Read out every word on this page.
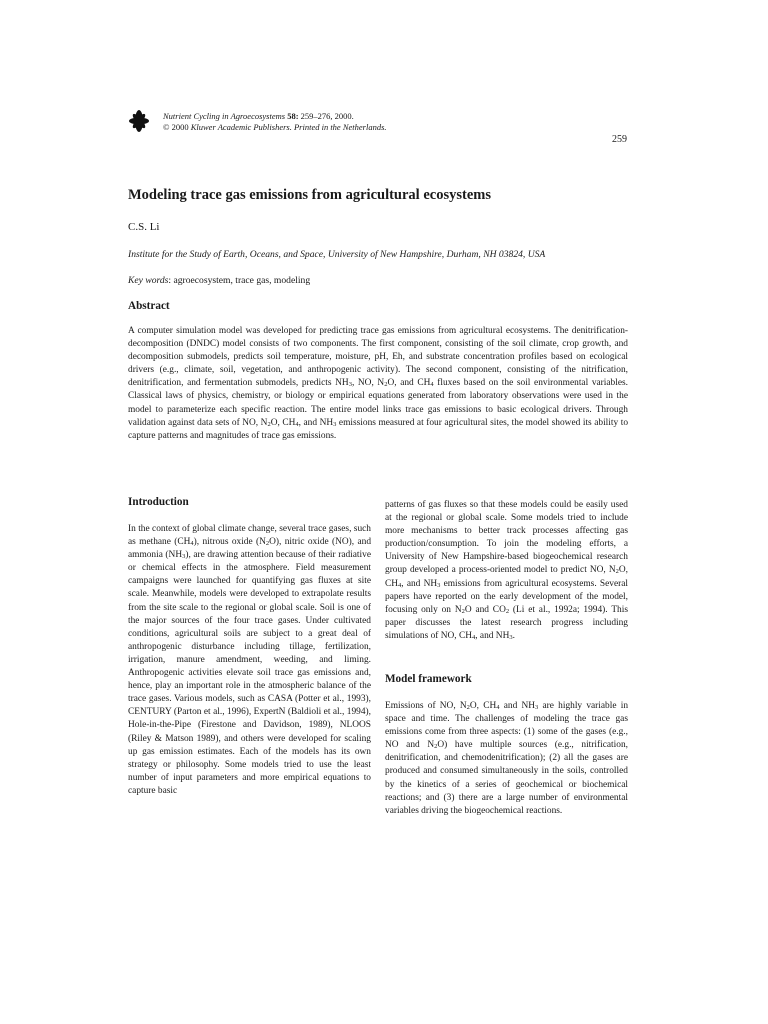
Nutrient Cycling in Agroecosystems 58: 259–276, 2000.
© 2000 Kluwer Academic Publishers. Printed in the Netherlands.
259
Modeling trace gas emissions from agricultural ecosystems
C.S. Li
Institute for the Study of Earth, Oceans, and Space, University of New Hampshire, Durham, NH 03824, USA
Key words: agroecosystem, trace gas, modeling
Abstract
A computer simulation model was developed for predicting trace gas emissions from agricultural ecosystems. The denitrification-decomposition (DNDC) model consists of two components. The first component, consisting of the soil climate, crop growth, and decomposition submodels, predicts soil temperature, moisture, pH, Eh, and substrate concentration profiles based on ecological drivers (e.g., climate, soil, vegetation, and anthropogenic activity). The second component, consisting of the nitrification, denitrification, and fermentation submodels, predicts $NH_3$, NO, $N_2O$, and $CH_4$ fluxes based on the soil environmental variables. Classical laws of physics, chemistry, or biology or empirical equations generated from laboratory observations were used in the model to parameterize each specific reaction. The entire model links trace gas emissions to basic ecological drivers. Through validation against data sets of NO, $N_2O$, $CH_4$, and $NH_3$ emissions measured at four agricultural sites, the model showed its ability to capture patterns and magnitudes of trace gas emissions.
Introduction
In the context of global climate change, several trace gases, such as methane $(CH_4)$, nitrous oxide $(N_2O)$, nitric oxide (NO), and ammonia $(NH_3)$, are drawing attention because of their radiative or chemical effects in the atmosphere. Field measurement campaigns were launched for quantifying gas fluxes at site scale. Meanwhile, models were developed to extrapolate results from the site scale to the regional or global scale. Soil is one of the major sources of the four trace gases. Under cultivated conditions, agricultural soils are subject to a great deal of anthropogenic disturbance including tillage, fertilization, irrigation, manure amendment, weeding, and liming. Anthropogenic activities elevate soil trace gas emissions and, hence, play an important role in the atmospheric balance of the trace gases. Various models, such as CASA (Potter et al., 1993), CENTURY (Parton et al., 1996), ExpertN (Baldioli et al., 1994), Hole-in-the-Pipe (Firestone and Davidson, 1989), NLOOS (Riley & Matson 1989), and others were developed for scaling up gas emission estimates. Each of the models has its own strategy or philosophy. Some models tried to use the least number of input parameters and more empirical equations to capture basic
patterns of gas fluxes so that these models could be easily used at the regional or global scale. Some models tried to include more mechanisms to better track processes affecting gas production/consumption. To join the modeling efforts, a University of New Hampshire-based biogeochemical research group developed a process-oriented model to predict NO, $N_2O$, $CH_4$, and $NH_3$ emissions from agricultural ecosystems. Several papers have reported on the early development of the model, focusing only on $N_2O$ and $CO_2$ (Li et al., 1992a; 1994). This paper discusses the latest research progress including simulations of NO, $CH_4$, and $NH_3$.
Model framework
Emissions of NO, $N_2O$, $CH_4$ and $NH_3$ are highly variable in space and time. The challenges of modeling the trace gas emissions come from three aspects: (1) some of the gases (e.g., NO and $N_2O$) have multiple sources (e.g., nitrification, denitrification, and chemodenitrification); (2) all the gases are produced and consumed simultaneously in the soils, controlled by the kinetics of a series of geochemical or biochemical reactions; and (3) there are a large number of environmental variables driving the biogeochemical reactions.
